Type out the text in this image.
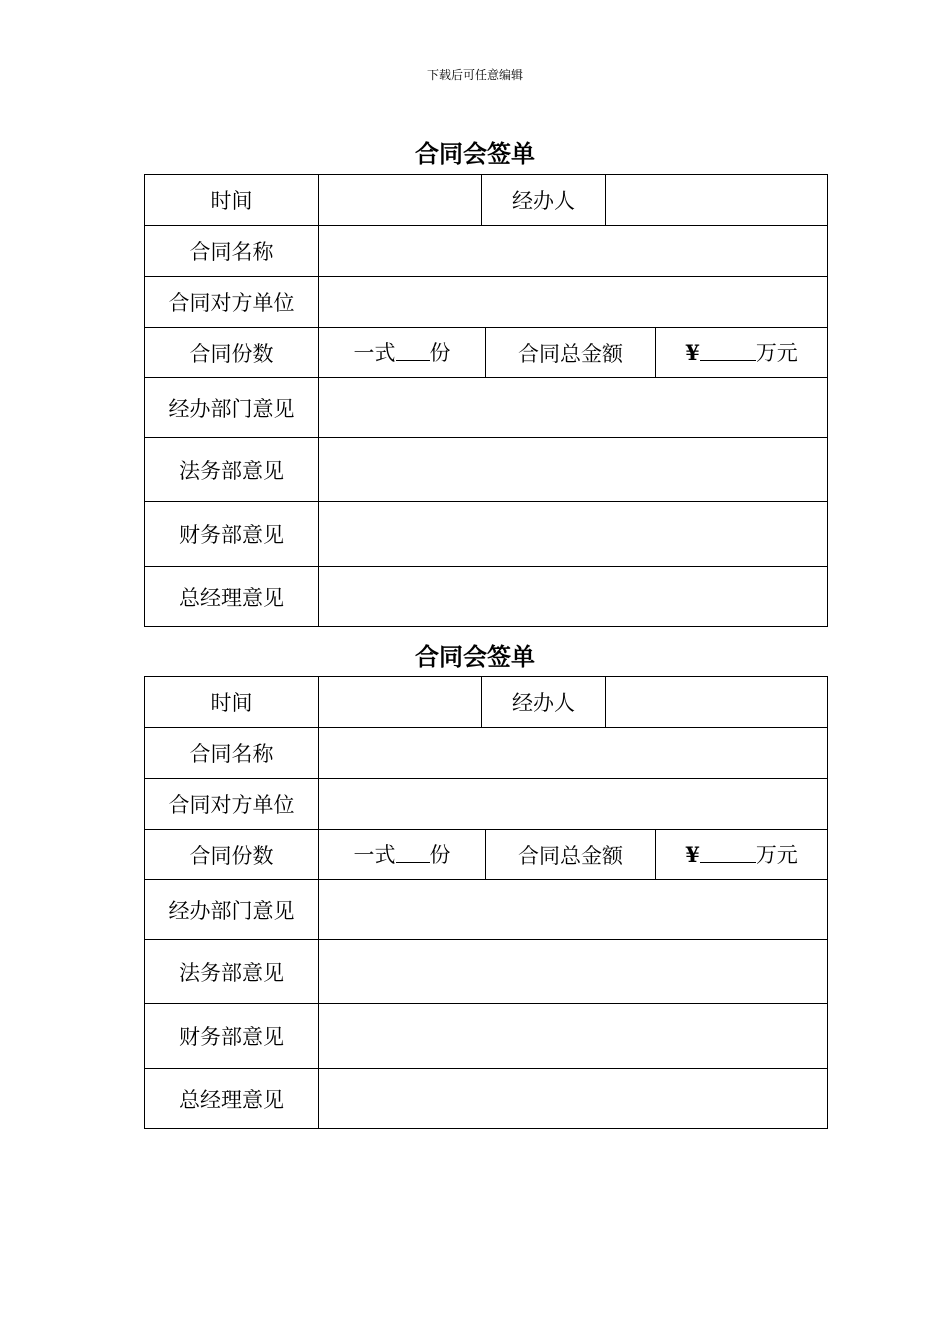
下载后可任意编辑
合同会签单
时间		经办人			
合同名称					
合同对方单位					
合同份数	一式 份		合同总金额		¥ 万元
经办部门意见					
法务部意见					
财务部意见					
总经理意见					
合同会签单
时间		经办人			
合同名称					
合同对方单位					
合同份数	一式 份		合同总金额		¥ 万元
经办部门意见					
法务部意见					
财务部意见					
总经理意见					
